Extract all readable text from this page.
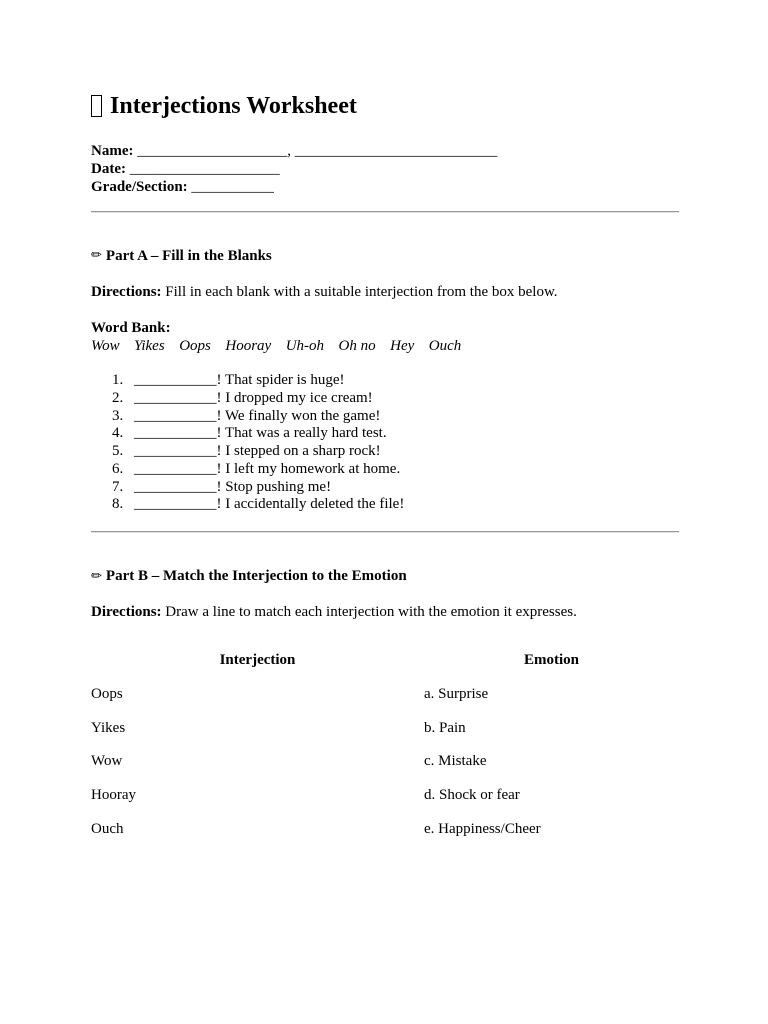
Interjections Worksheet
Name: ____________________, ___________________________
Date: ____________________
Grade/Section: ___________
✏ Part A – Fill in the Blanks
Directions: Fill in each blank with a suitable interjection from the box below.
Word Bank:
Wow Yikes Oops Hooray Uh-oh Oh no Hey Ouch
1. ___________! That spider is huge!
2. ___________! I dropped my ice cream!
3. ___________! We finally won the game!
4. ___________! That was a really hard test.
5. ___________! I stepped on a sharp rock!
6. ___________! I left my homework at home.
7. ___________! Stop pushing me!
8. ___________! I accidentally deleted the file!
✏ Part B – Match the Interjection to the Emotion
Directions: Draw a line to match each interjection with the emotion it expresses.
Interjection	Emotion
Oops	a. Surprise
Yikes	b. Pain
Wow	c. Mistake
Hooray	d. Shock or fear
Ouch	e. Happiness/Cheer
